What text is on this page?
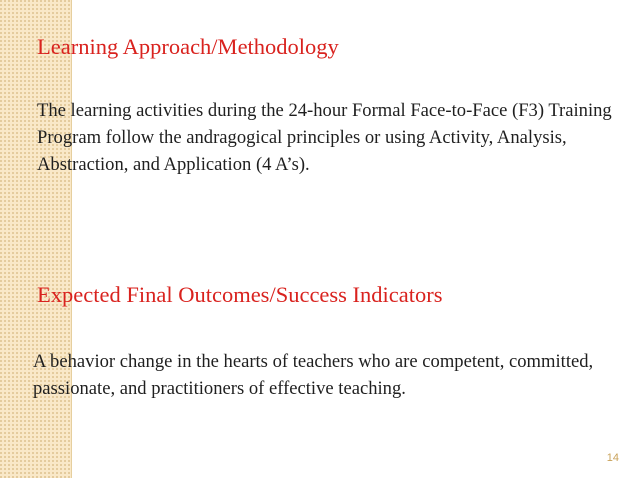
Learning Approach/Methodology

The learning activities during the 24-hour Formal Face-to-Face (F3) Training Program follow the andragogical principles or using Activity, Analysis, Abstraction, and Application (4 A’s).

Expected Final Outcomes/Success Indicators

A behavior change in the hearts of teachers who are competent, committed, passionate, and practitioners of effective teaching.

14
